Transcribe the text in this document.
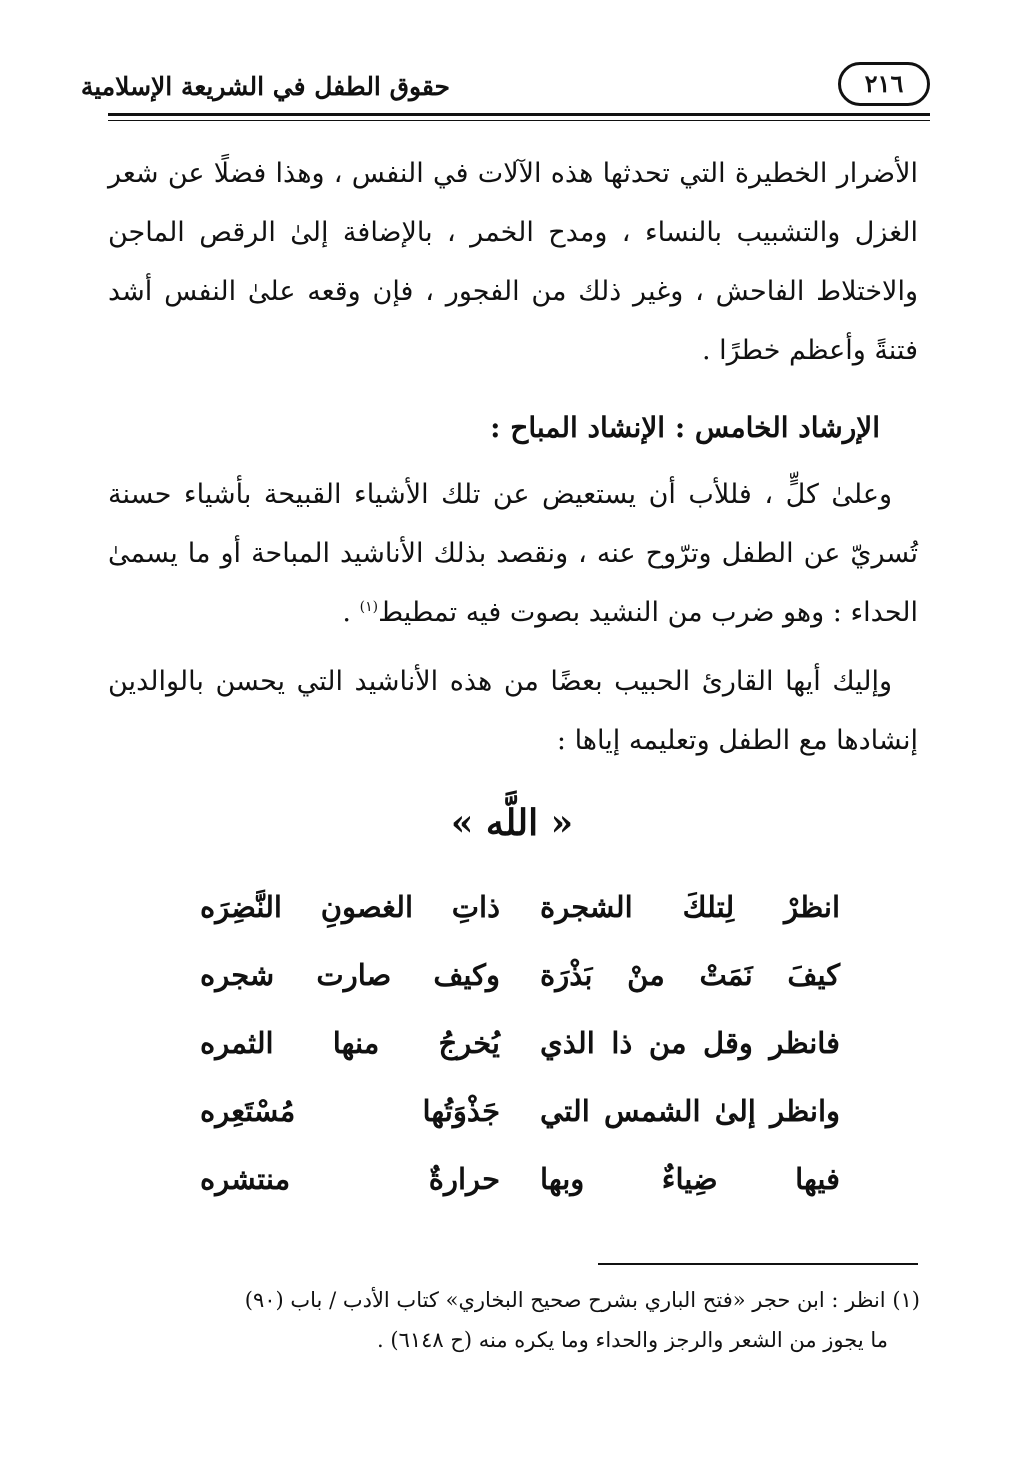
٢١٦
حقوق الطفل في الشريعة الإسلامية

الأضرار الخطيرة التي تحدثها هذه الآلات في النفس ، وهذا فضلًا عن شعر الغزل والتشبيب بالنساء ، ومدح الخمر ، بالإضافة إلىٰ الرقص الماجن والاختلاط الفاحش ، وغير ذلك من الفجور ، فإن وقعه علىٰ النفس أشد فتنةً وأعظم خطرًا .

الإرشاد الخامس : الإنشاد المباح :

وعلىٰ كلٍّ ، فللأب أن يستعيض عن تلك الأشياء القبيحة بأشياء حسنة تُسريّ عن الطفل وترّوح عنه ، ونقصد بذلك الأناشيد المباحة أو ما يسمىٰ الحداء : وهو ضرب من النشيد بصوت فيه تمطيط$^{(١)}$ .

وإليك أيها القارئ الحبيب بعضًا من هذه الأناشيد التي يحسن بالوالدين إنشادها مع الطفل وتعليمه إياها :

« اللَّه »
انظرْ لِتلكَ الشجرة
ذاتِ الغصونِ النَّضِرَه
كيفَ نَمَتْ منْ بَذْرَة
وكيف صارت شجره
فانظر وقل من ذا الذي
يُخرجُ منها الثمره
وانظر إلىٰ الشمس التي
جَذْوَتُها مُسْتَعِره
فيها ضِياءٌ وبها
حرارةٌ منتشره
(١) انظر : ابن حجر «فتح الباري بشرح صحيح البخاري» كتاب الأدب / باب (٩٠)
ما يجوز من الشعر والرجز والحداء وما يكره منه (ح ٦١٤٨) .
